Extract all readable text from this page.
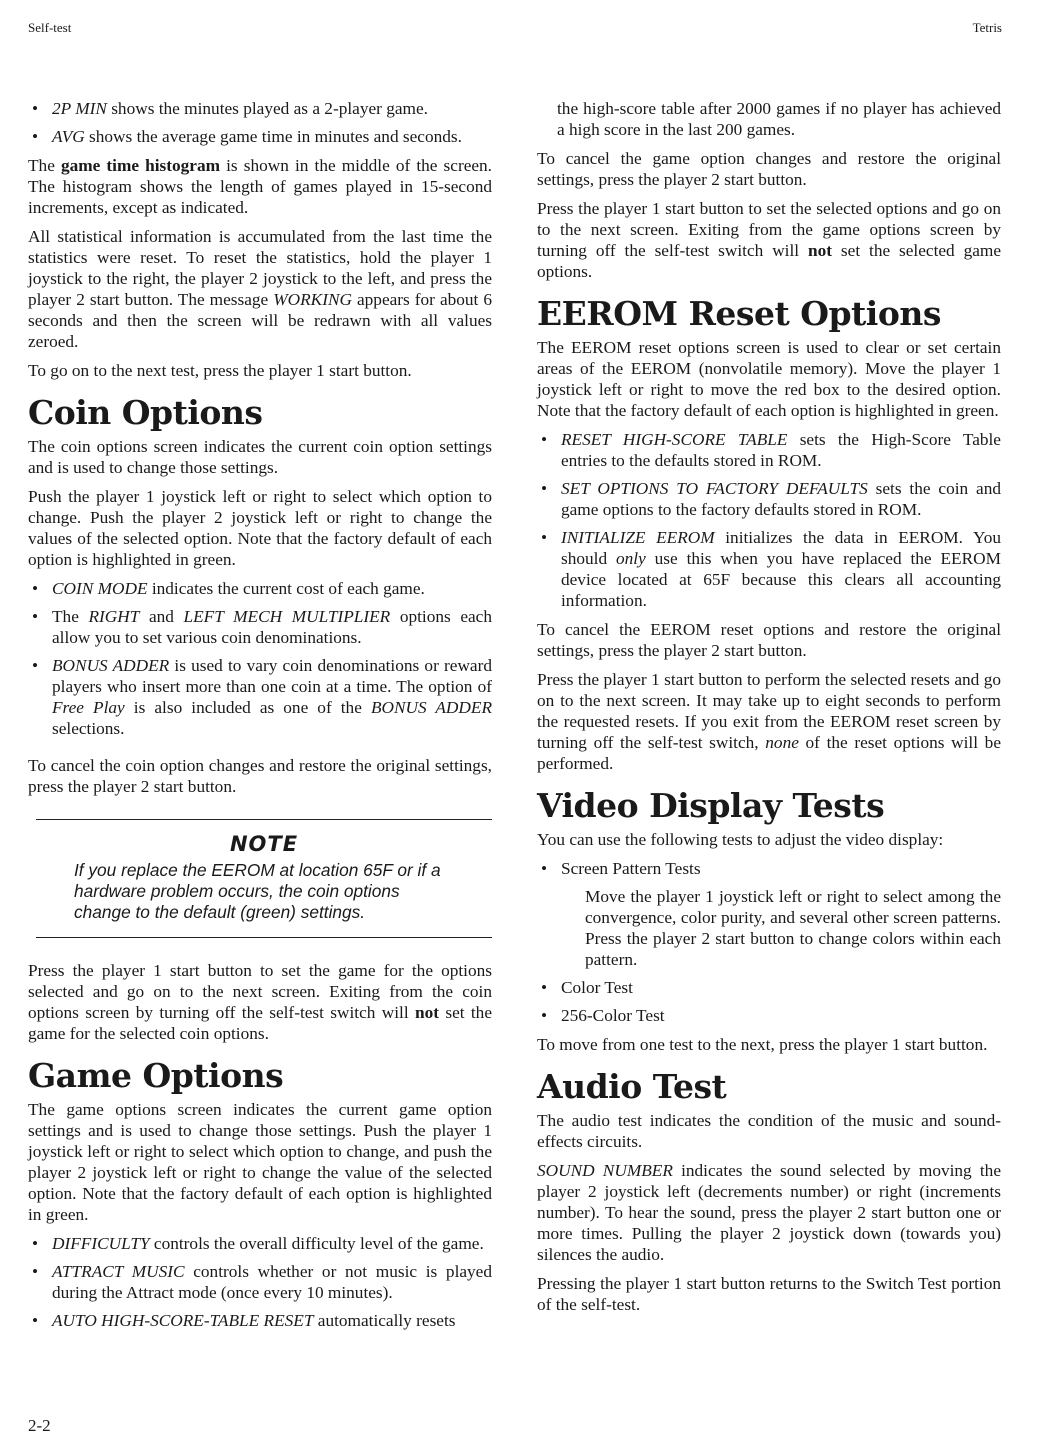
Self-test	Tetris
• 2P MIN shows the minutes played as a 2-player game.
• AVG shows the average game time in minutes and seconds.

The game time histogram is shown in the middle of the screen. The histogram shows the length of games played in 15-second increments, except as indicated.

All statistical information is accumulated from the last time the statistics were reset. To reset the statistics, hold the player 1 joystick to the right, the player 2 joystick to the left, and press the player 2 start button. The message WORKING appears for about 6 seconds and then the screen will be redrawn with all values zeroed.

To go on to the next test, press the player 1 start button.

Coin Options

The coin options screen indicates the current coin option settings and is used to change those settings.

Push the player 1 joystick left or right to select which option to change. Push the player 2 joystick left or right to change the values of the selected option. Note that the factory default of each option is highlighted in green.

• COIN MODE indicates the current cost of each game.
• The RIGHT and LEFT MECH MULTIPLIER options each allow you to set various coin denominations.
• BONUS ADDER is used to vary coin denominations or reward players who insert more than one coin at a time. The option of Free Play is also included as one of the BONUS ADDER selections.

To cancel the coin option changes and restore the original settings, press the player 2 start button.

NOTE
If you replace the EEROM at location 65F or if a hardware problem occurs, the coin options change to the default (green) settings.

Press the player 1 start button to set the game for the options selected and go on to the next screen. Exiting from the coin options screen by turning off the self-test switch will not set the game for the selected coin options.

Game Options

The game options screen indicates the current game option settings and is used to change those settings. Push the player 1 joystick left or right to select which option to change, and push the player 2 joystick left or right to change the value of the selected option. Note that the factory default of each option is highlighted in green.

• DIFFICULTY controls the overall difficulty level of the game.
• ATTRACT MUSIC controls whether or not music is played during the Attract mode (once every 10 minutes).
• AUTO HIGH-SCORE-TABLE RESET automatically resets

the high-score table after 2000 games if no player has achieved a high score in the last 200 games.

To cancel the game option changes and restore the original settings, press the player 2 start button.

Press the player 1 start button to set the selected options and go on to the next screen. Exiting from the game options screen by turning off the self-test switch will not set the selected game options.

EEROM Reset Options

The EEROM reset options screen is used to clear or set certain areas of the EEROM (nonvolatile memory). Move the player 1 joystick left or right to move the red box to the desired option. Note that the factory default of each option is highlighted in green.

• RESET HIGH-SCORE TABLE sets the High-Score Table entries to the defaults stored in ROM.
• SET OPTIONS TO FACTORY DEFAULTS sets the coin and game options to the factory defaults stored in ROM.
• INITIALIZE EEROM initializes the data in EEROM. You should only use this when you have replaced the EEROM device located at 65F because this clears all accounting information.

To cancel the EEROM reset options and restore the original settings, press the player 2 start button.

Press the player 1 start button to perform the selected resets and go on to the next screen. It may take up to eight seconds to perform the requested resets. If you exit from the EEROM reset screen by turning off the self-test switch, none of the reset options will be performed.

Video Display Tests

You can use the following tests to adjust the video display:

• Screen Pattern Tests
Move the player 1 joystick left or right to select among the convergence, color purity, and several other screen patterns. Press the player 2 start button to change colors within each pattern.
• Color Test
• 256-Color Test

To move from one test to the next, press the player 1 start button.

Audio Test

The audio test indicates the condition of the music and sound-effects circuits.

SOUND NUMBER indicates the sound selected by moving the player 2 joystick left (decrements number) or right (increments number). To hear the sound, press the player 2 start button one or more times. Pulling the player 2 joystick down (towards you) silences the audio.

Pressing the player 1 start button returns to the Switch Test portion of the self-test.

2-2
